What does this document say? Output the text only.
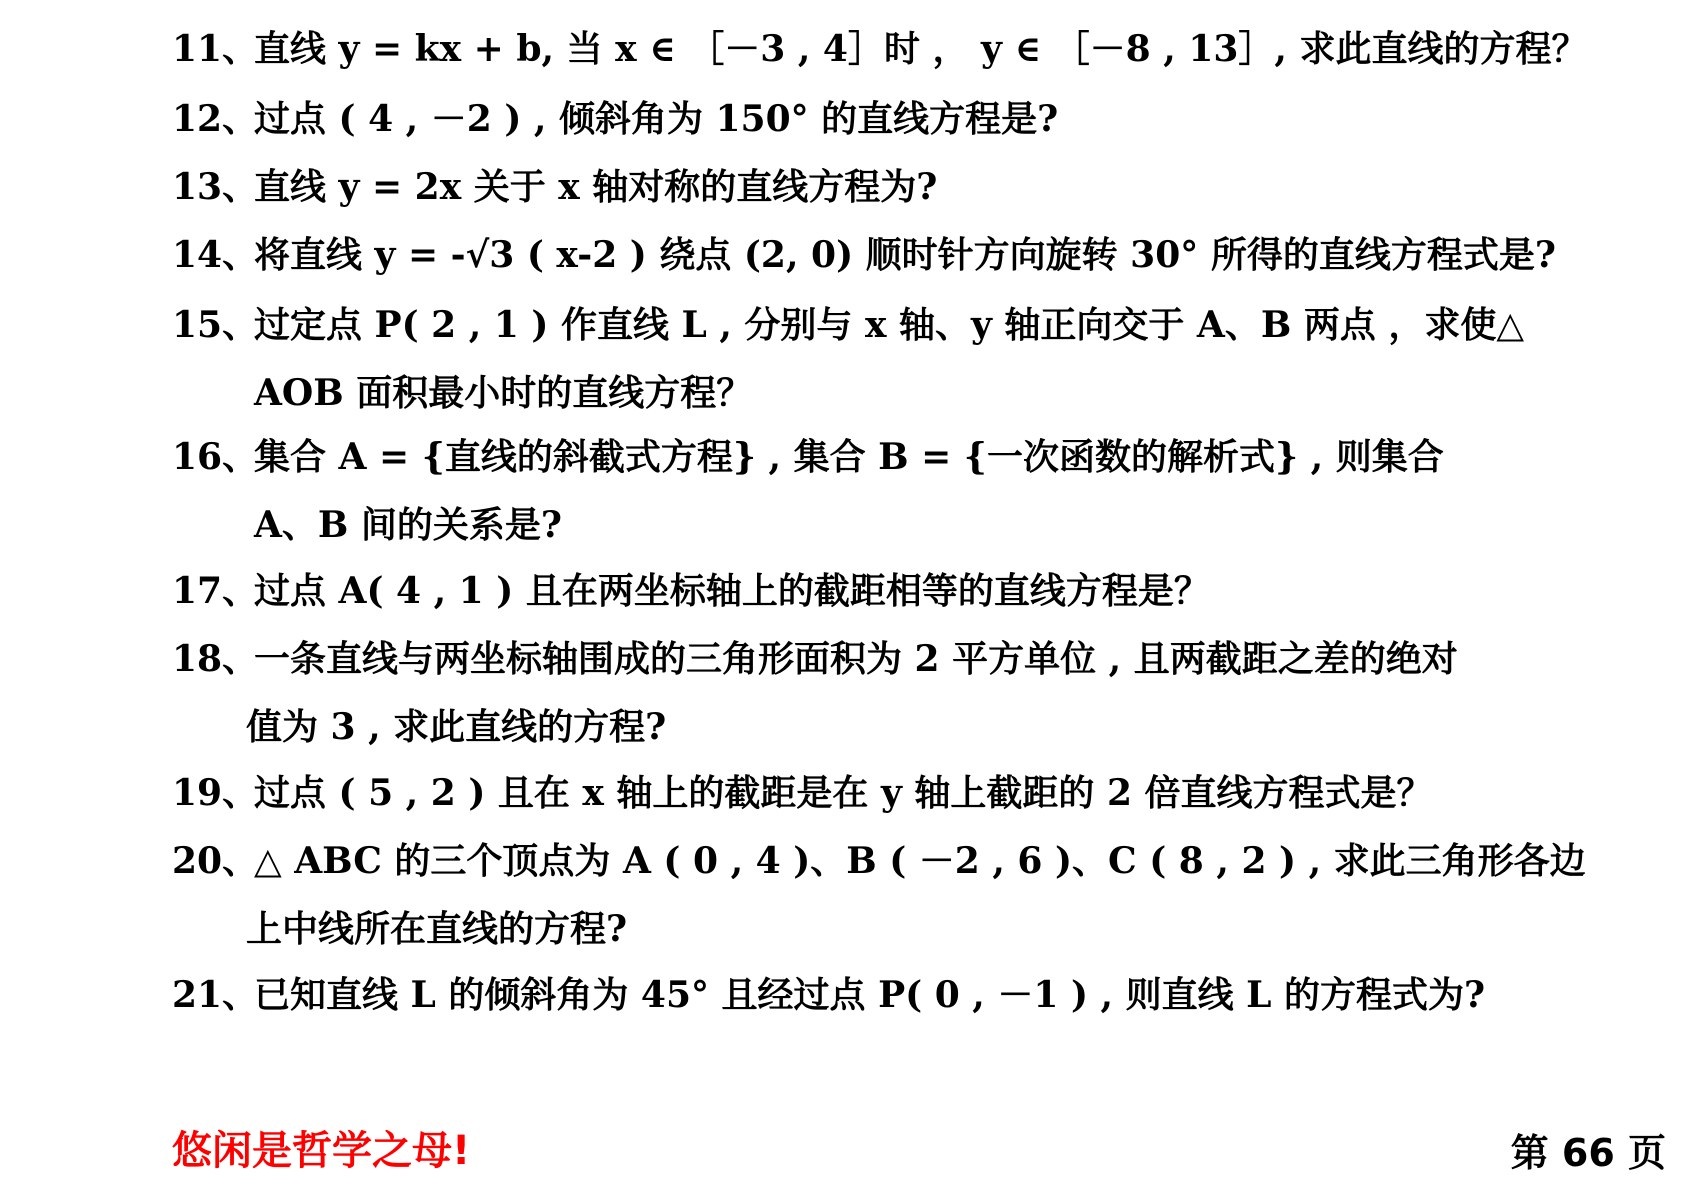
11、直线 y = kx + b, 当 x ∈ ［－3 , 4］时 ， y ∈ ［－8 , 13］, 求此直线的方程？
12、过点 ( 4 , －2 ) , 倾斜角为 150° 的直线方程是?
13、直线 y = 2x 关于 x 轴对称的直线方程为?
14、将直线 y = -√3 ( x-2 ) 绕点 (2, 0) 顺时针方向旋转 30° 所得的直线方程式是?
15、过定点 P( 2 , 1 ) 作直线 L , 分别与 x 轴、y 轴正向交于 A、B 两点 ，求使△
AOB 面积最小时的直线方程？
16、集合 A = {直线的斜截式方程} , 集合 B = {一次函数的解析式} , 则集合
A、B 间的关系是?
17、过点 A( 4 , 1 ) 且在两坐标轴上的截距相等的直线方程是？
18、一条直线与两坐标轴围成的三角形面积为 2 平方单位 , 且两截距之差的绝对
值为 3 , 求此直线的方程?
19、过点 ( 5 , 2 ) 且在 x 轴上的截距是在 y 轴上截距的 2 倍直线方程式是？
20、△ ABC 的三个顶点为 A ( 0 , 4 )、B ( －2 , 6 )、C ( 8 , 2 ) , 求此三角形各边
上中线所在直线的方程?
21、已知直线 L 的倾斜角为 45° 且经过点 P( 0 , －1 ) , 则直线 L 的方程式为?
悠闲是哲学之母!	第 66 页
